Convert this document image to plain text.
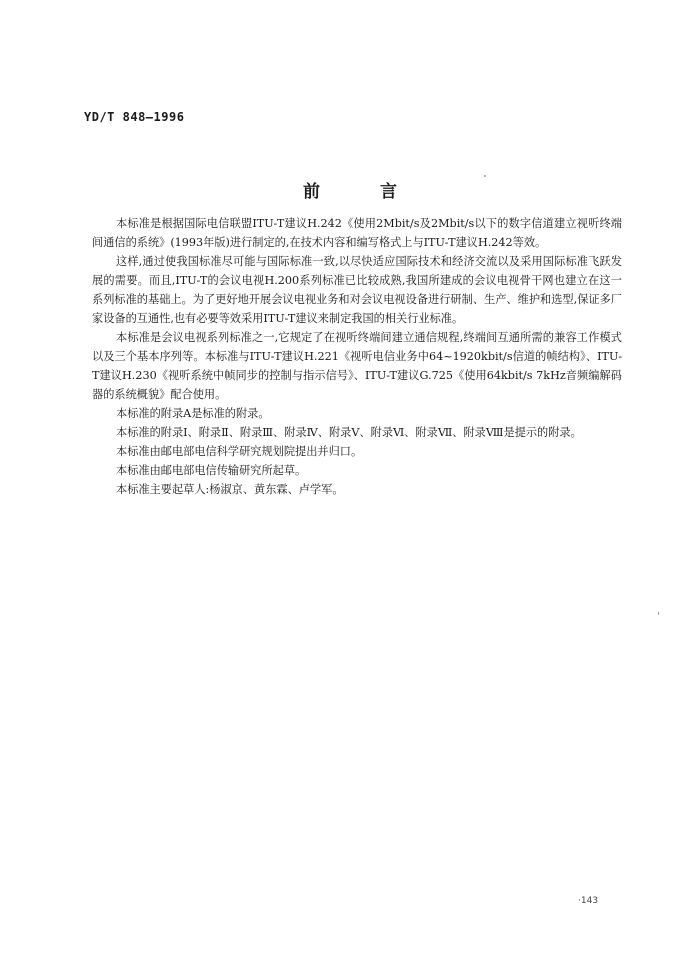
YD/T 848—1996
前	言

本标准是根据国际电信联盟ITU-T建议H.242《使用2Mbit/s及2Mbit/s以下的数字信道建立视听终端间通信的系统》(1993年版)进行制定的,在技术内容和编写格式上与ITU-T建议H.242等效。

这样,通过使我国标准尽可能与国际标准一致,以尽快适应国际技术和经济交流以及采用国际标准飞跃发展的需要。而且,ITU-T的会议电视H.200系列标准已比较成熟,我国所建成的会议电视骨干网也建立在这一系列标准的基础上。为了更好地开展会议电视业务和对会议电视设备进行研制、生产、维护和选型,保证多厂家设备的互通性,也有必要等效采用ITU-T建议来制定我国的相关行业标准。

本标准是会议电视系列标准之一,它规定了在视听终端间建立通信规程,终端间互通所需的兼容工作模式以及三个基本序列等。本标准与ITU-T建议H.221《视听电信业务中64~1920kbit/s信道的帧结构》、ITU-T建议H.230《视听系统中帧同步的控制与指示信号》、ITU-T建议G.725《使用64kbit/s 7kHz音频编解码器的系统概貌》配合使用。

本标准的附录A是标准的附录。

本标准的附录Ⅰ、附录Ⅱ、附录Ⅲ、附录Ⅳ、附录Ⅴ、附录Ⅵ、附录Ⅶ、附录Ⅷ是提示的附录。

本标准由邮电部电信科学研究规划院提出并归口。

本标准由邮电部电信传输研究所起草。

本标准主要起草人:杨淑京、黄东霖、卢学军。

·143
